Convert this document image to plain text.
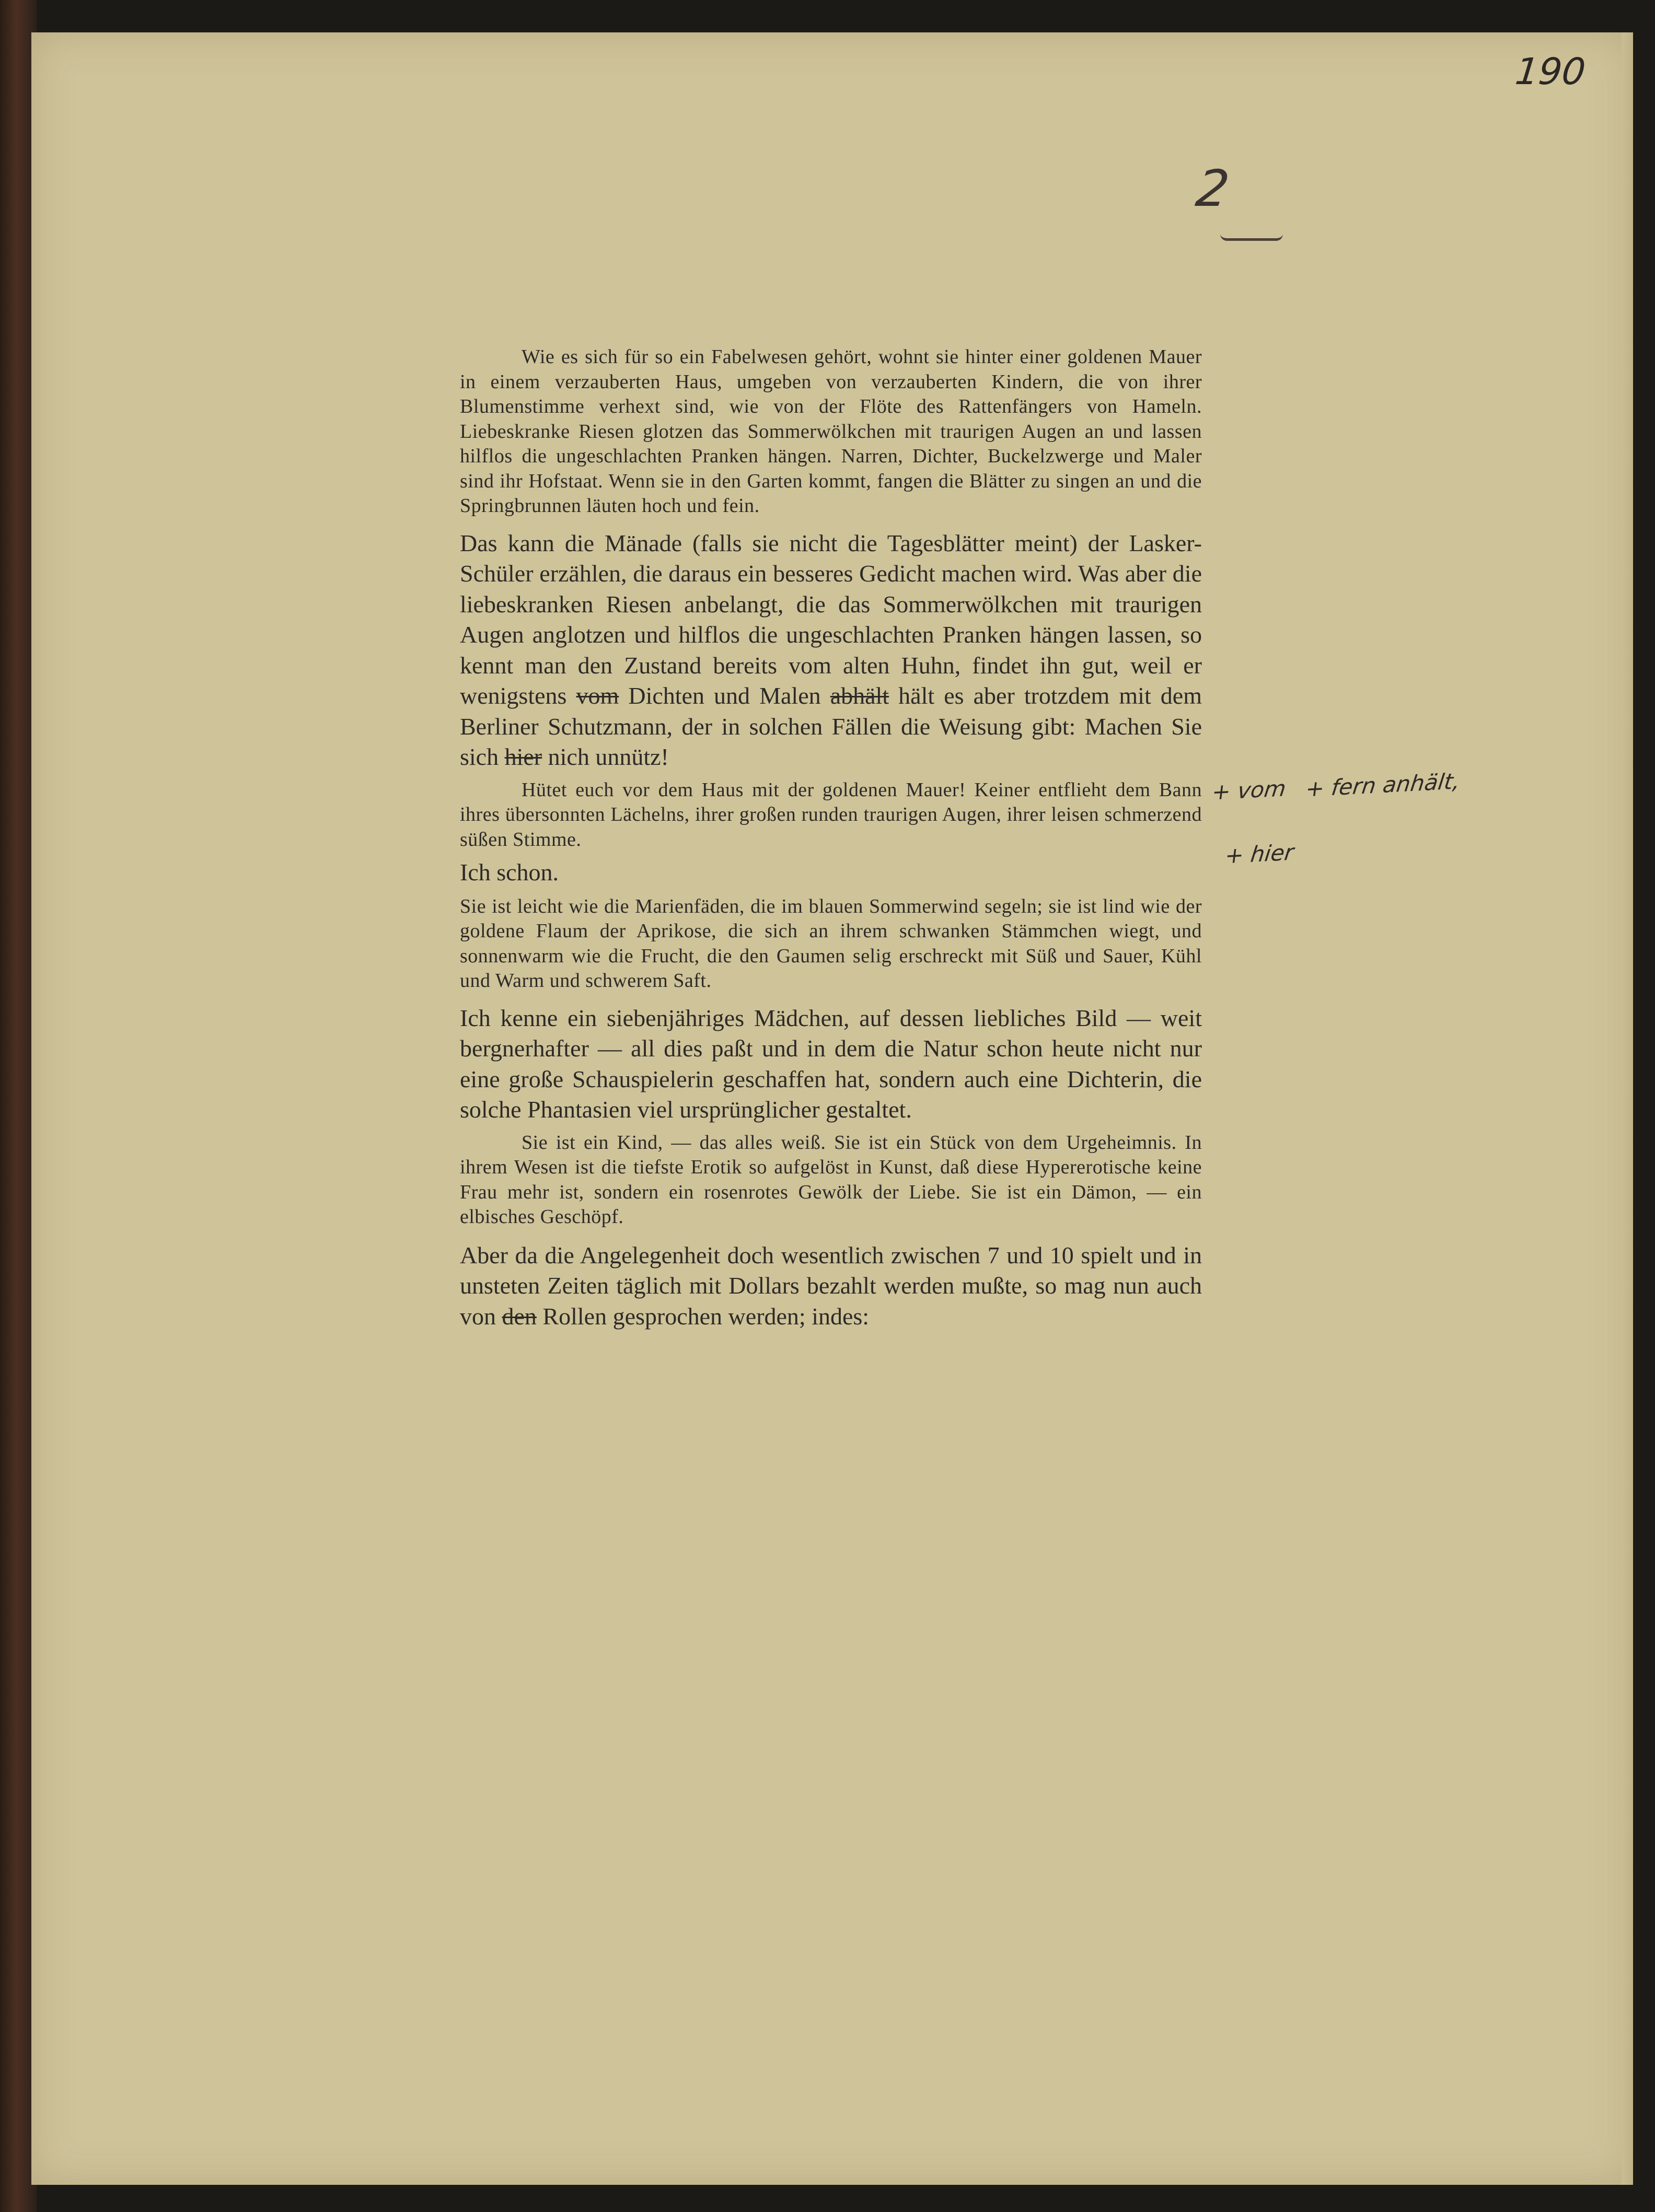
190
2

Wie es sich für so ein Fabelwesen gehört, wohnt sie hinter einer goldenen Mauer in einem verzauberten Haus, umgeben von verzauberten Kindern, die von ihrer Blumenstimme verhext sind, wie von der Flöte des Rattenfängers von Hameln. Liebeskranke Riesen glotzen das Sommerwölkchen mit traurigen Augen an und lassen hilflos die ungeschlachten Pranken hängen. Narren, Dichter, Buckelzwerge und Maler sind ihr Hofstaat. Wenn sie in den Garten kommt, fangen die Blätter zu singen an und die Springbrunnen läuten hoch und fein.

Das kann die Mänade (falls sie nicht die Tagesblätter meint) der Lasker-Schüler erzählen, die daraus ein besseres Gedicht machen wird. Was aber die liebeskranken Riesen anbelangt, die das Sommerwölkchen mit traurigen Augen anglotzen und hilflos die ungeschlachten Pranken hängen lassen, so kennt man den Zustand bereits vom alten Huhn, findet ihn gut, weil er wenigstens vom Dichten und Malen abhält hält es aber trotzdem mit dem Berliner Schutzmann, der in solchen Fällen die Weisung gibt: Machen Sie sich hier nich unnütz!

Hütet euch vor dem Haus mit der goldenen Mauer! Keiner entflieht dem Bann ihres übersonnten Lächelns, ihrer großen runden traurigen Augen, ihrer leisen schmerzend süßen Stimme.

Ich schon.

Sie ist leicht wie die Marienfäden, die im blauen Sommerwind segeln; sie ist lind wie der goldene Flaum der Aprikose, die sich an ihrem schwanken Stämmchen wiegt, und sonnenwarm wie die Frucht, die den Gaumen selig erschreckt mit Süß und Sauer, Kühl und Warm und schwerem Saft.

Ich kenne ein siebenjähriges Mädchen, auf dessen liebliches Bild — weit bergnerhafter — all dies paßt und in dem die Natur schon heute nicht nur eine große Schauspielerin geschaffen hat, sondern auch eine Dichterin, die solche Phantasien viel ursprünglicher gestaltet.

Sie ist ein Kind, — das alles weiß. Sie ist ein Stück von dem Urgeheimnis. In ihrem Wesen ist die tiefste Erotik so aufgelöst in Kunst, daß diese Hypererotische keine Frau mehr ist, sondern ein rosenrotes Gewölk der Liebe. Sie ist ein Dämon, — ein elbisches Geschöpf.

Aber da die Angelegenheit doch wesentlich zwischen 7 und 10 spielt und in unsteten Zeiten täglich mit Dollars bezahlt werden mußte, so mag nun auch von den Rollen gesprochen werden; indes:

+ vom + fern anhält,
+ hier
